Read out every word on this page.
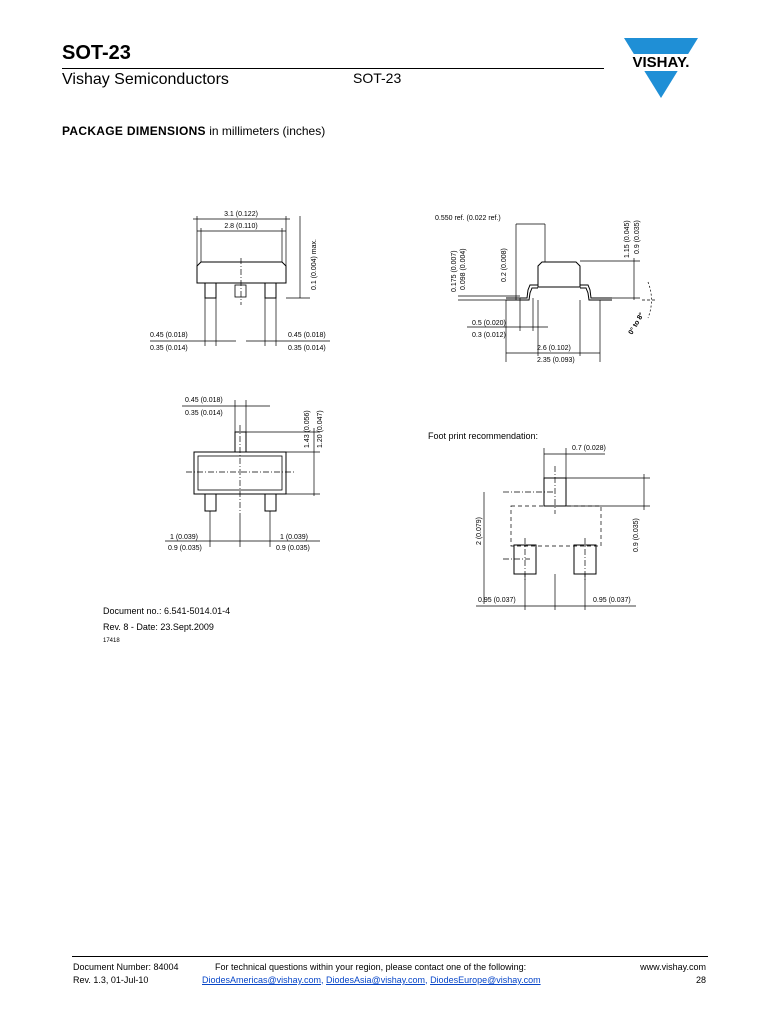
SOT-23
Vishay Semiconductors	SOT-23
VISHAY.
PACKAGE DIMENSIONS in millimeters (inches)
3.1 (0.122)
2.8 (0.110)
0.1 (0.004) max.
0.45 (0.018)
0.35 (0.014)
0.45 (0.018)
0.35 (0.014)
0.550 ref. (0.022 ref.)
0.175 (0.007) 0.098 (0.004)	0.2 (0.008)
1.15 (0.045) 0.9 (0.035)
0.5 (0.020)
0.3 (0.012)
2.6 (0.102)
2.35 (0.093)
0° to 8°
0.45 (0.018)
0.35 (0.014)	1.43 (0.056) 1.20 (0.047)
1 (0.039)
0.9 (0.035)
1 (0.039)
0.9 (0.035)
Foot print recommendation:
0.7 (0.028)
2 (0.079)	0.9 (0.035)
0.95 (0.037)	0.95 (0.037)
Document no.: 6.541-5014.01-4
Rev. 8 - Date: 23.Sept.2009
17418
Document Number: 84004	For technical questions within your region, please contact one of the following:	www.vishay.com
Rev. 1.3, 01-Jul-10	DiodesAmericas@vishay.com, DiodesAsia@vishay.com, DiodesEurope@vishay.com	28
